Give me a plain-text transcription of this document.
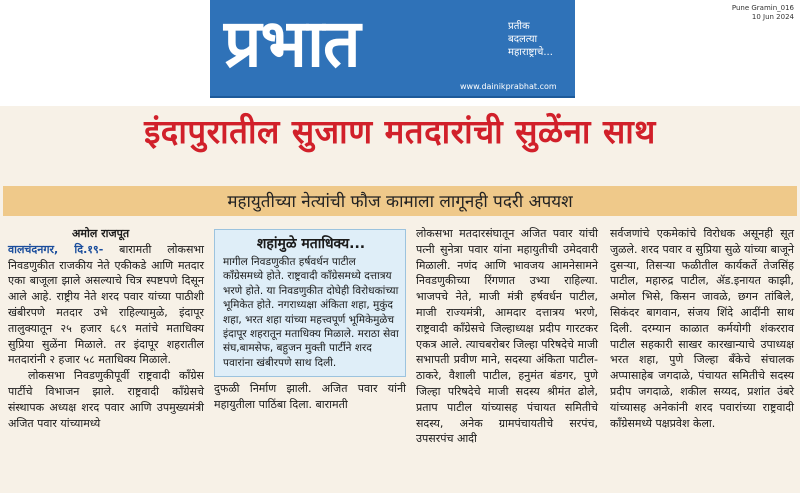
प्रभात	प्रतीक
बदलत्या
महाराष्ट्राचे...
www.dainikprabhat.com
Pune Gramin_016
10 Jun 2024
इंदापुरातील सुजाण मतदारांची सुळेंना साथ
महायुतीच्या नेत्यांची फौज कामाला लागूनही पदरी अपयश
अमोल राजपूत

वालचंदनगर, दि.१९- बारामती लोकसभा निवडणुकीत राजकीय नेते एकीकडे आणि मतदार एका बाजूला झाले असल्याचे चित्र स्पष्टपणे दिसून आले आहे. राष्ट्रीय नेते शरद पवार यांच्या पाठीशी खंबीरपणे मतदार उभे राहिल्यामुळे, इंदापूर तालुक्यातून २५ हजार ६८९ मतांचे मताधिक्य सुप्रिया सुळेंना मिळाले. तर इंदापूर शहरातील मतदारांनी २ हजार ५८ मताधिक्य मिळाले.

लोकसभा निवडणुकीपूर्वी राष्ट्रवादी कॉंग्रेस पार्टीचे विभाजन झाले. राष्ट्रवादी कॉंग्रेसचे संस्थापक अध्यक्ष शरद पवार आणि उपमुख्यमंत्री अजित पवार यांच्यामध्ये

शहांमुळे मताधिक्य...
मागील निवडणुकीत हर्षवर्धन पाटील कॉंग्रेसमध्ये होते. राष्ट्रवादी कॉंग्रेसमध्ये दत्तात्रय भरणे होते. या निवडणुकीत दोघेही विरोधकांच्या भूमिकेत होते. नगराध्यक्षा अंकिता शहा, मुकुंद शहा, भरत शहा यांच्या महत्त्वपूर्ण भूमिकेमुळेच इंदापूर शहरातून मताधिक्य मिळाले. मराठा सेवा संघ,बामसेफ, बहुजन मुक्ती पार्टीने शरद पवारांना खंबीरपणे साथ दिली.
दुफळी निर्माण झाली. अजित पवार यांनी महायुतीला पाठिंबा दिला. बारामती

लोकसभा मतदारसंघातून अजित पवार यांची पत्नी सुनेत्रा पवार यांना महायुतीची उमेदवारी मिळाली. नणंद आणि भावजय आमनेसामने निवडणुकीच्या रिंगणात उभ्या राहिल्या. भाजपचे नेते, माजी मंत्री हर्षवर्धन पाटील, माजी राज्यमंत्री, आमदार दत्तात्रय भरणे, राष्ट्रवादी कॉंग्रेसचे जिल्हाध्यक्ष प्रदीप गारटकर एकत्र आले. त्याचबरोबर जिल्हा परिषदेचे माजी सभापती प्रवीण माने, सदस्या अंकिता पाटील-ठाकरे, वैशाली पाटील, हनुमंत बंडगर, पुणे जिल्हा परिषदेचे माजी सदस्य श्रीमंत ढोले, प्रताप पाटील यांच्यासह पंचायत समितीचे सदस्य, अनेक ग्रामपंचायतीचे सरपंच, उपसरपंच आदी

सर्वजणांचे एकमेकांचे विरोधक असूनही सूत जुळले. शरद पवार व सुप्रिया सुळे यांच्या बाजूने दुसऱ्या, तिसऱ्या फळीतील कार्यकर्ते तेजसिंह पाटील, महारुद्र पाटील, ॲड.इनायत काझी, अमोल भिसे, किसन जावळे, छगन तांबिले, सिकंदर बागवान, संजय शिंदे आदींनी साथ दिली. दरम्यान काळात कर्मयोगी शंकरराव पाटील सहकारी साखर कारखान्याचे उपाध्यक्ष भरत शहा, पुणे जिल्हा बँकेचे संचालक अप्पासाहेब जगदाळे, पंचायत समितीचे सदस्य प्रदीप जगदाळे, शकील सय्यद, प्रशांत उंबरे यांच्यासह अनेकांनी शरद पवारांच्या राष्ट्रवादी कॉंग्रेसमध्ये पक्षप्रवेश केला.
